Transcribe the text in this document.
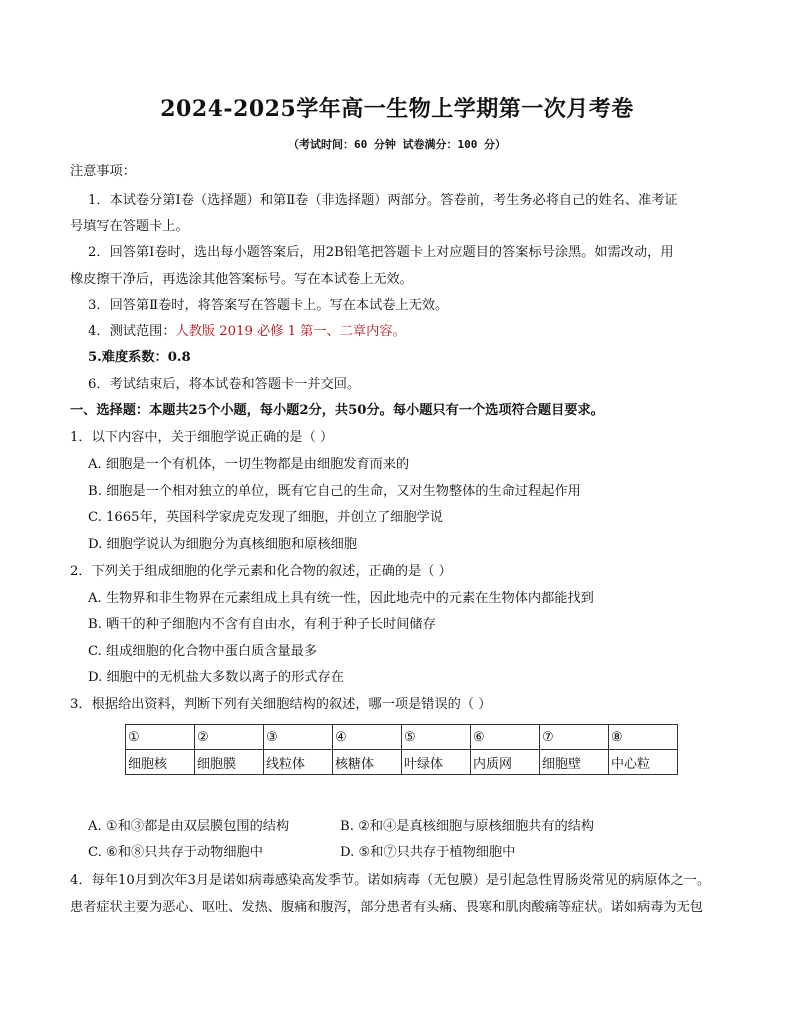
2024-2025学年高一生物上学期第一次月考卷
（考试时间：60 分钟 试卷满分：100 分）
注意事项：
1．本试卷分第Ⅰ卷（选择题）和第Ⅱ卷（非选择题）两部分。答卷前，考生务必将自己的姓名、准考证
号填写在答题卡上。
2．回答第Ⅰ卷时，选出每小题答案后，用2B铅笔把答题卡上对应题目的答案标号涂黑。如需改动，用
橡皮擦干净后，再选涂其他答案标号。写在本试卷上无效。
3．回答第Ⅱ卷时，将答案写在答题卡上。写在本试卷上无效。
4．测试范围：人教版 2019 必修 1 第一、二章内容。
5.难度系数：0.8
6．考试结束后，将本试卷和答题卡一并交回。
一、选择题：本题共25个小题，每小题2分，共50分。每小题只有一个选项符合题目要求。
1．以下内容中，关于细胞学说正确的是（ ）
A. 细胞是一个有机体，一切生物都是由细胞发育而来的
B. 细胞是一个相对独立的单位，既有它自己的生命，又对生物整体的生命过程起作用
C. 1665年，英国科学家虎克发现了细胞，并创立了细胞学说
D. 细胞学说认为细胞分为真核细胞和原核细胞
2．下列关于组成细胞的化学元素和化合物的叙述，正确的是（ ）
A. 生物界和非生物界在元素组成上具有统一性，因此地壳中的元素在生物体内都能找到
B. 晒干的种子细胞内不含有自由水，有利于种子长时间储存
C. 组成细胞的化合物中蛋白质含量最多
D. 细胞中的无机盐大多数以离子的形式存在
3．根据给出资料，判断下列有关细胞结构的叙述，哪一项是错误的（ ）
①	②	③	④	⑤	⑥	⑦	⑧
细胞核	细胞膜	线粒体	核糖体	叶绿体	内质网	细胞壁	中心粒
A. ①和③都是由双层膜包围的结构	B. ②和④是真核细胞与原核细胞共有的结构
C. ⑥和⑧只共存于动物细胞中	D. ⑤和⑦只共存于植物细胞中
4．每年10月到次年3月是诺如病毒感染高发季节。诺如病毒（无包膜）是引起急性胃肠炎常见的病原体之一。
患者症状主要为恶心、呕吐、发热、腹痛和腹泻，部分患者有头痛、畏寒和肌肉酸痛等症状。诺如病毒为无包
